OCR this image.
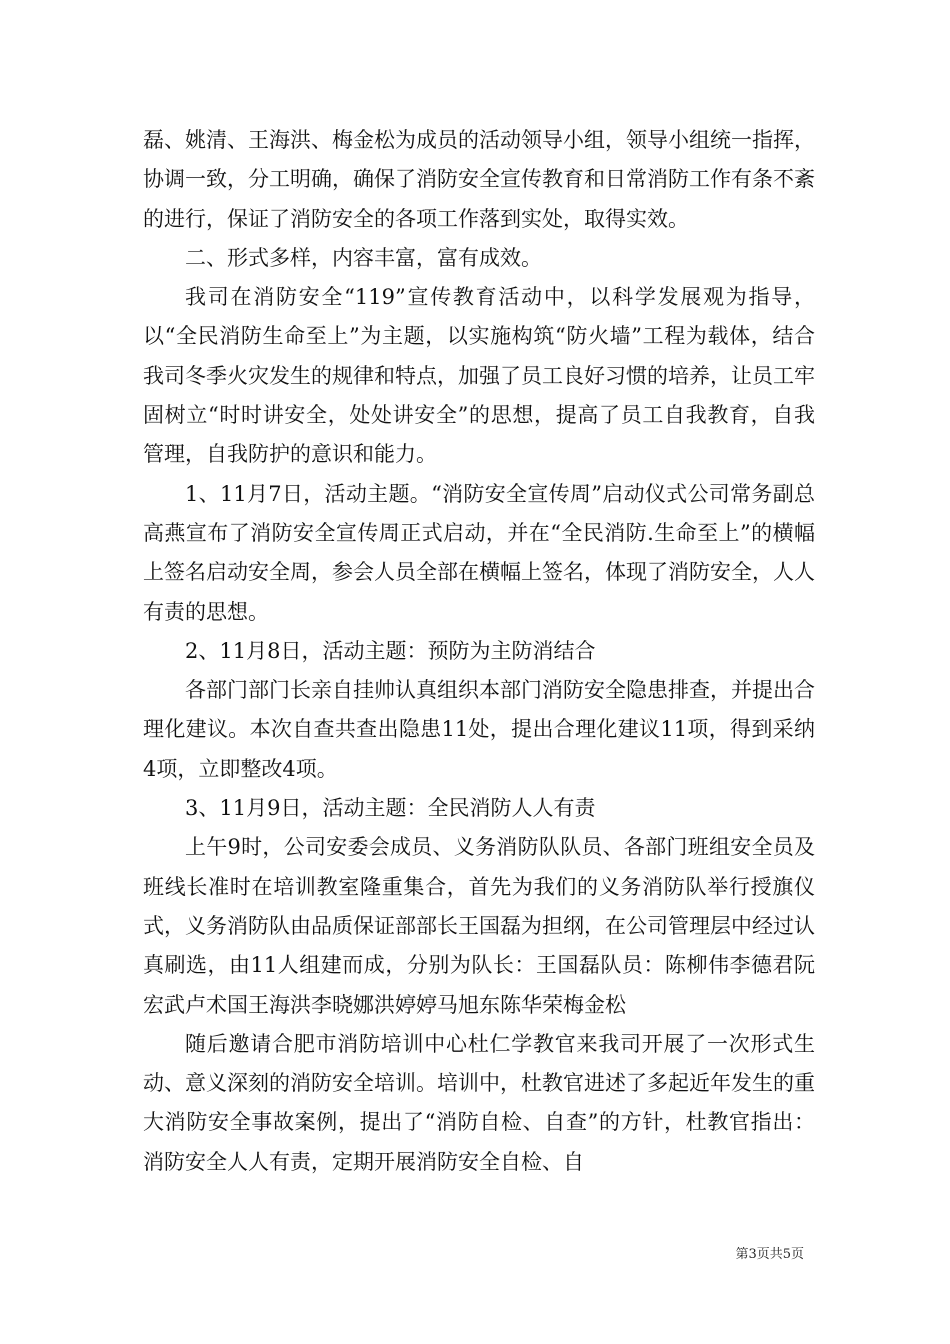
磊、姚清、王海洪、梅金松为成员的活动领导小组，领导小组统一指挥，协调一致，分工明确，确保了消防安全宣传教育和日常消防工作有条不紊的进行，保证了消防安全的各项工作落到实处，取得实效。

二、形式多样，内容丰富，富有成效。

我司在消防安全“119”宣传教育活动中，以科学发展观为指导，以“全民消防生命至上”为主题，以实施构筑“防火墙”工程为载体，结合我司冬季火灾发生的规律和特点，加强了员工良好习惯的培养，让员工牢固树立“时时讲安全，处处讲安全”的思想，提高了员工自我教育，自我管理，自我防护的意识和能力。

1、11月7日，活动主题。“消防安全宣传周”启动仪式公司常务副总高燕宣布了消防安全宣传周正式启动，并在“全民消防.生命至上”的横幅上签名启动安全周，参会人员全部在横幅上签名，体现了消防安全，人人有责的思想。

2、11月8日，活动主题：预防为主防消结合

各部门部门长亲自挂帅认真组织本部门消防安全隐患排查，并提出合理化建议。本次自查共查出隐患11处，提出合理化建议11项，得到采纳4项，立即整改4项。

3、11月9日，活动主题：全民消防人人有责

上午9时，公司安委会成员、义务消防队队员、各部门班组安全员及班线长准时在培训教室隆重集合，首先为我们的义务消防队举行授旗仪式，义务消防队由品质保证部部长王国磊为担纲，在公司管理层中经过认真刷选，由11人组建而成，分别为队长：王国磊队员：陈柳伟李德君阮宏武卢术国王海洪李晓娜洪婷婷马旭东陈华荣梅金松

随后邀请合肥市消防培训中心杜仁学教官来我司开展了一次形式生动、意义深刻的消防安全培训。培训中，杜教官进述了多起近年发生的重大消防安全事故案例，提出了“消防自检、自查”的方针，杜教官指出：消防安全人人有责，定期开展消防安全自检、自

第3页共5页
